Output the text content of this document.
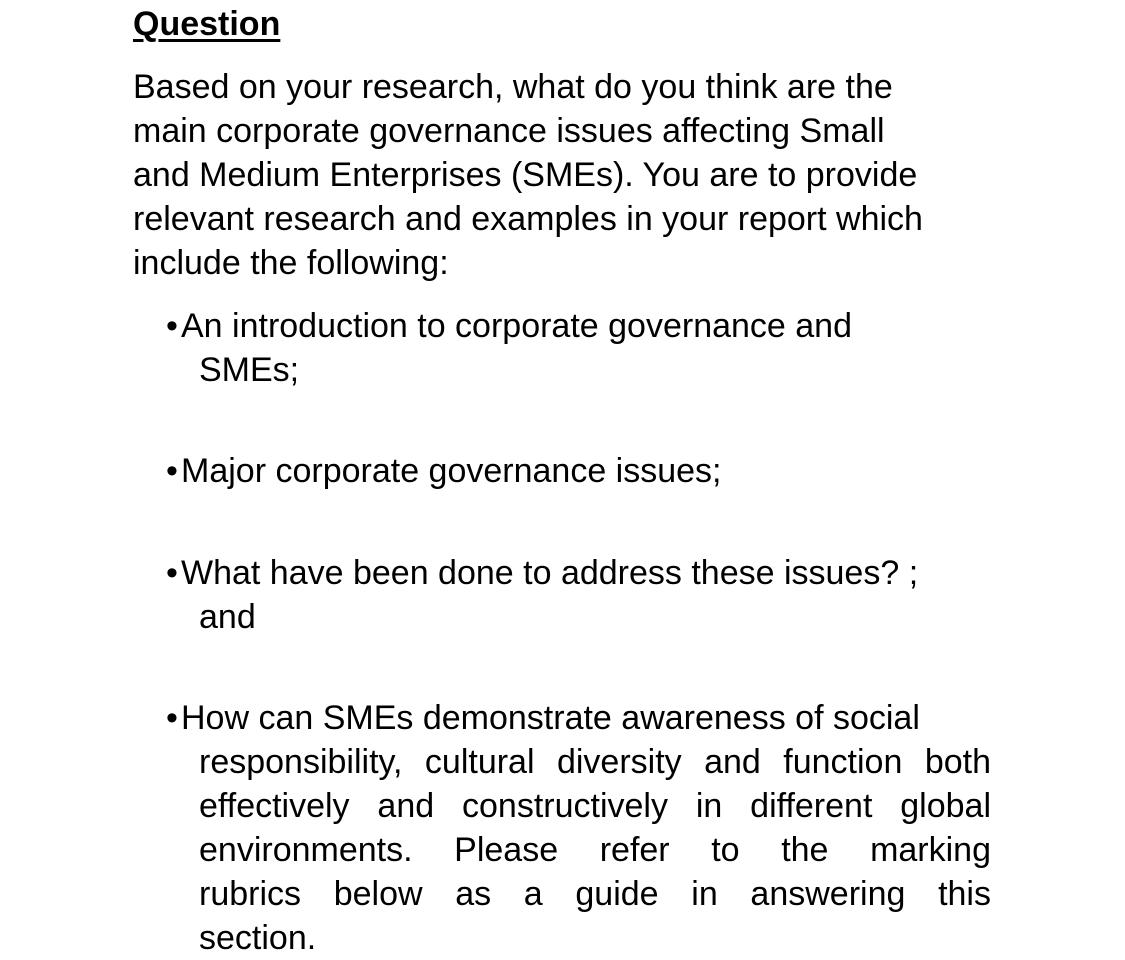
Question

Based on your research, what do you think are the
main corporate governance issues affecting Small
and Medium Enterprises (SMEs). You are to provide
relevant research and examples in your report which
include the following:

• An introduction to corporate governance and
SMEs;
• Major corporate governance issues;
• What have been done to address these issues? ;
and
• How can SMEs demonstrate awareness of social
responsibility, cultural diversity and function both
effectively and constructively in different global
environments. Please refer to the marking
rubrics below as a guide in answering this
section.
